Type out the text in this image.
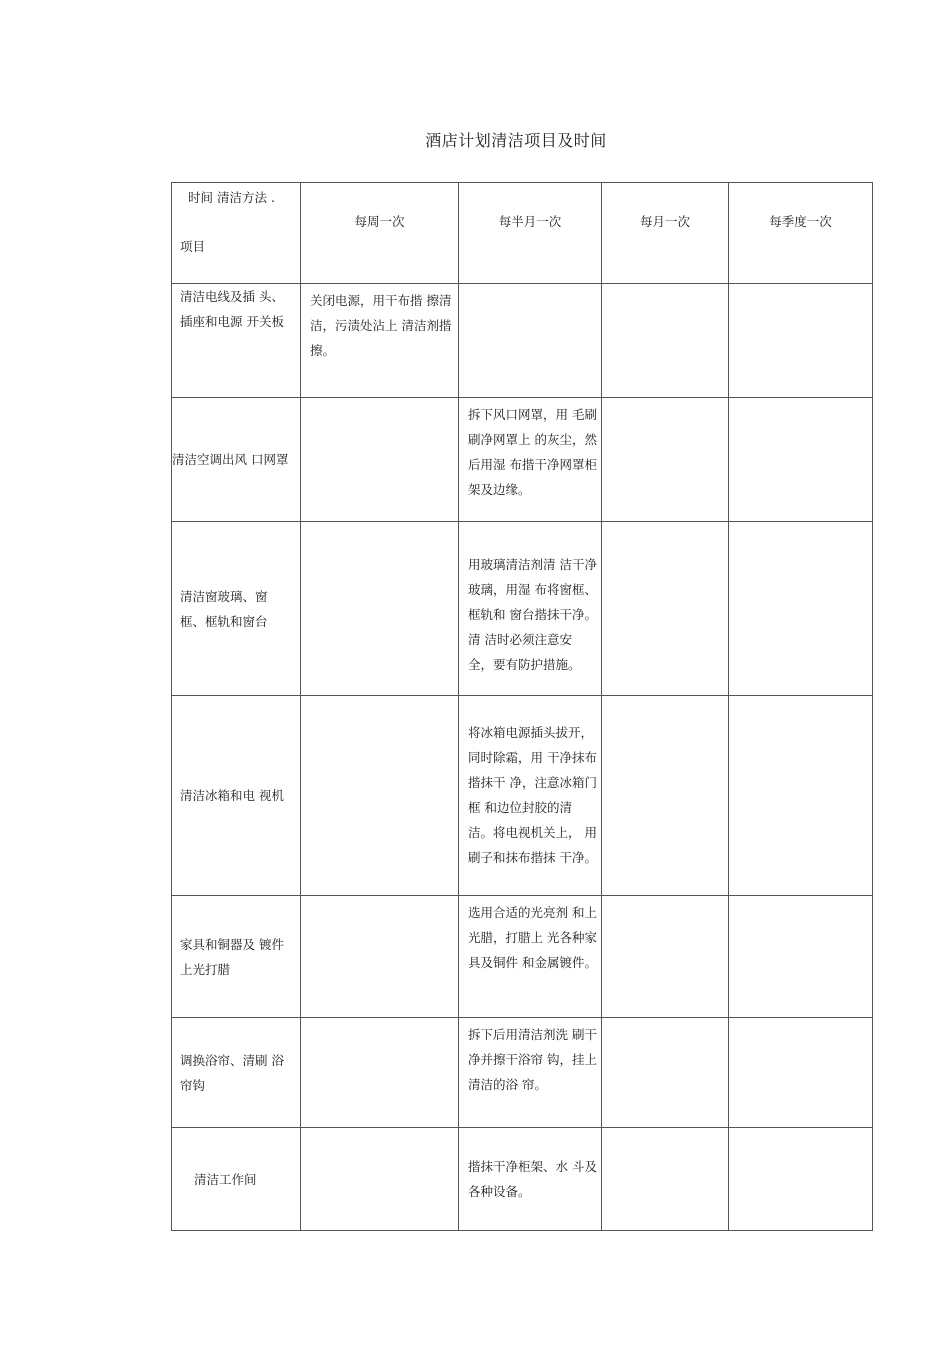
酒店计划清洁项目及时间
时间 清洁方法 .
项目	每周一次	每半月一次	每月一次	每季度一次
清洁电线及插 头、插座和电源 开关板	关闭电源，用干布揩 擦清洁，污渍处沾上 清洁剂揩擦。			
清洁空调出风 口网罩		拆下风口网罩，用 毛刷刷净网罩上 的灰尘，然后用湿 布揩干净网罩柜 架及边缘。		
清洁窗玻璃、窗 框、框轨和窗台		用玻璃清洁剂清 洁干净玻璃，用湿 布将窗框、框轨和 窗台揩抹干净。清 洁时必须注意安 全，要有防护措施。		
清洁冰箱和电 视机		将冰箱电源插头拔开，同时除霜，用 干净抹布揩抹干 净，注意冰箱门框 和边位封胶的清 洁。将电视机关上， 用刷子和抹布揩抹 干净。		
家具和铜器及 镀件上光打腊		选用合适的光亮剂 和上光腊，打腊上 光各种家具及铜件 和金属镀件。		
调换浴帘、清刷 浴帘钩		拆下后用清洁剂洗 刷干净并擦干浴帘 钩，挂上清洁的浴 帘。		
清洁工作间		揩抹干净柜架、水 斗及各种设备。		
